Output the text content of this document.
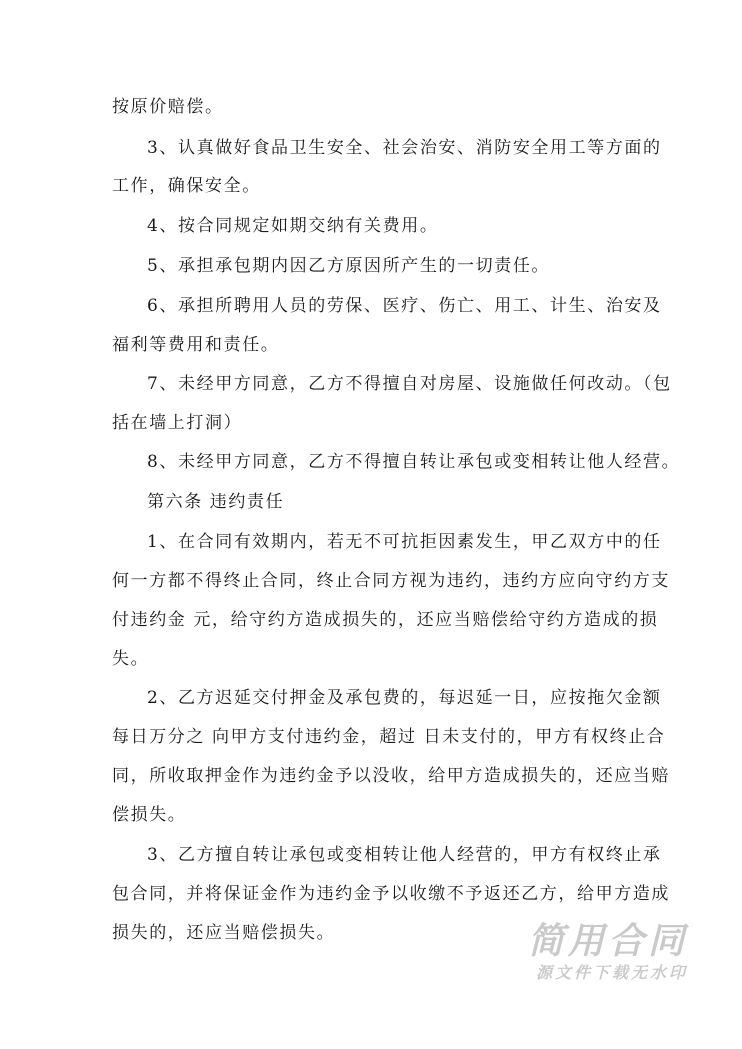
按原价赔偿。
3、认真做好食品卫生安全、社会治安、消防安全用工等方面的
工作，确保安全。
4、按合同规定如期交纳有关费用。
5、承担承包期内因乙方原因所产生的一切责任。
6、承担所聘用人员的劳保、医疗、伤亡、用工、计生、治安及
福利等费用和责任。
7、未经甲方同意，乙方不得擅自对房屋、设施做任何改动。（包
括在墙上打洞）
8、未经甲方同意，乙方不得擅自转让承包或变相转让他人经营。
第六条 违约责任
1、在合同有效期内，若无不可抗拒因素发生，甲乙双方中的任
何一方都不得终止合同，终止合同方视为违约，违约方应向守约方支
付违约金 元，给守约方造成损失的，还应当赔偿给守约方造成的损
失。
2、乙方迟延交付押金及承包费的，每迟延一日，应按拖欠金额
每日万分之 向甲方支付违约金，超过 日未支付的，甲方有权终止合
同，所收取押金作为违约金予以没收，给甲方造成损失的，还应当赔
偿损失。
3、乙方擅自转让承包或变相转让他人经营的，甲方有权终止承
包合同，并将保证金作为违约金予以收缴不予返还乙方，给甲方造成
损失的，还应当赔偿损失。	简用合同
源文件下载无水印
